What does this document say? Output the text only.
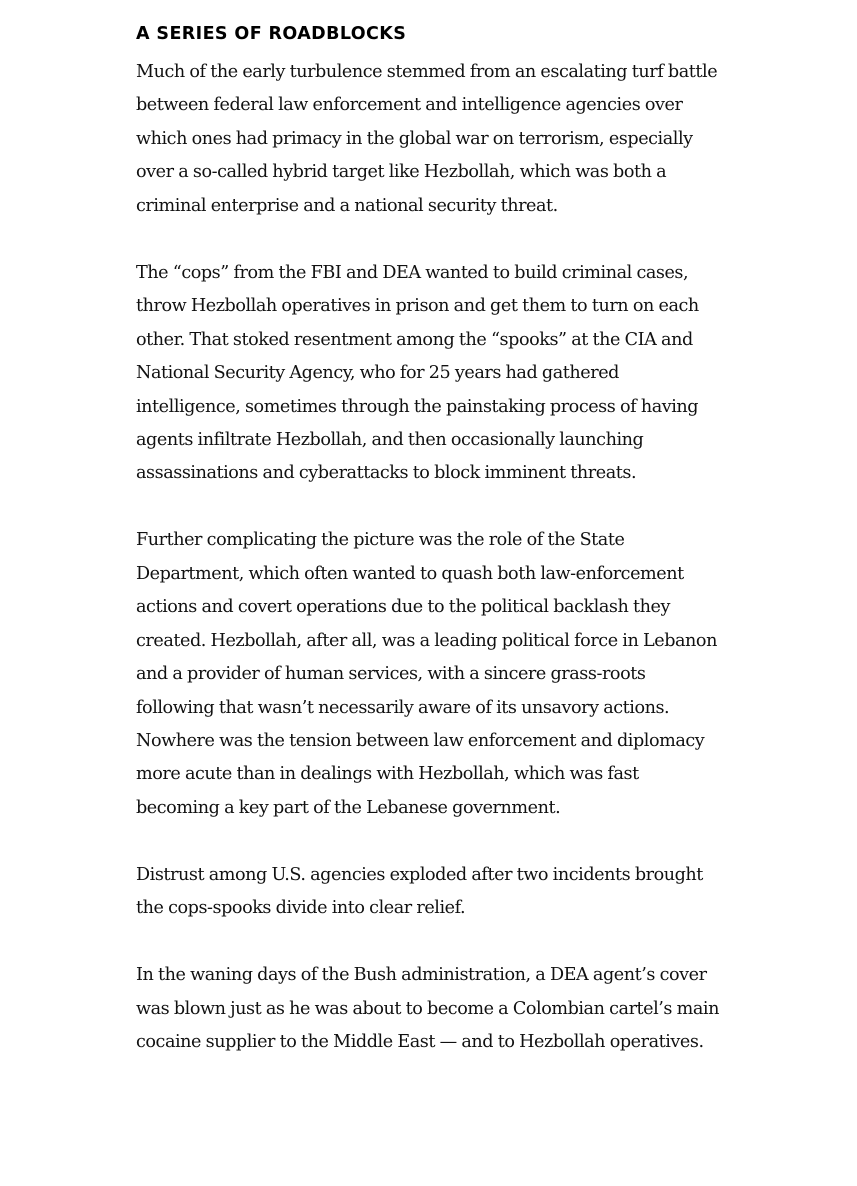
A SERIES OF ROADBLOCKS

Much of the early turbulence stemmed from an escalating turf battle between federal law enforcement and intelligence agencies over which ones had primacy in the global war on terrorism, especially over a so-called hybrid target like Hezbollah, which was both a criminal enterprise and a national security threat.

The “cops” from the FBI and DEA wanted to build criminal cases, throw Hezbollah operatives in prison and get them to turn on each other. That stoked resentment among the “spooks” at the CIA and National Security Agency, who for 25 years had gathered intelligence, sometimes through the painstaking process of having agents infiltrate Hezbollah, and then occasionally launching assassinations and cyberattacks to block imminent threats.

Further complicating the picture was the role of the State Department, which often wanted to quash both law-enforcement actions and covert operations due to the political backlash they created. Hezbollah, after all, was a leading political force in Lebanon and a provider of human services, with a sincere grass-roots following that wasn’t necessarily aware of its unsavory actions. Nowhere was the tension between law enforcement and diplomacy more acute than in dealings with Hezbollah, which was fast becoming a key part of the Lebanese government.

Distrust among U.S. agencies exploded after two incidents brought the cops-spooks divide into clear relief.

In the waning days of the Bush administration, a DEA agent’s cover was blown just as he was about to become a Colombian cartel’s main cocaine supplier to the Middle East — and to Hezbollah operatives.
